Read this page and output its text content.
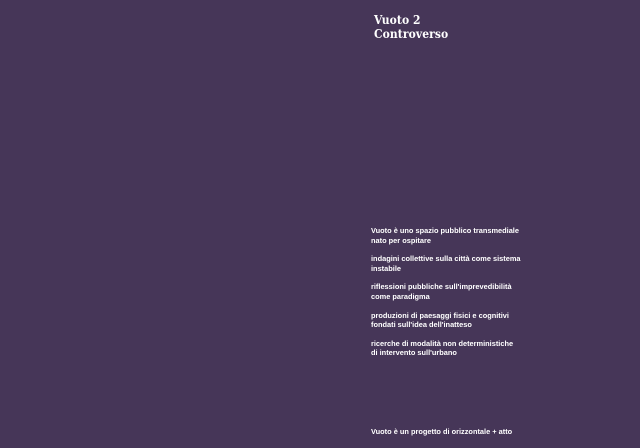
Vuoto 2
Controverso

Vuoto è uno spazio pubblico transmediale
nato per ospitare

indagini collettive sulla città come sistema
instabile

riflessioni pubbliche sull'imprevedibilità
come paradigma

produzioni di paesaggi fisici e cognitivi
fondati sull'idea dell'inatteso

ricerche di modalità non deterministiche
di intervento sull'urbano

Vuoto è un progetto di orizzontale + atto
